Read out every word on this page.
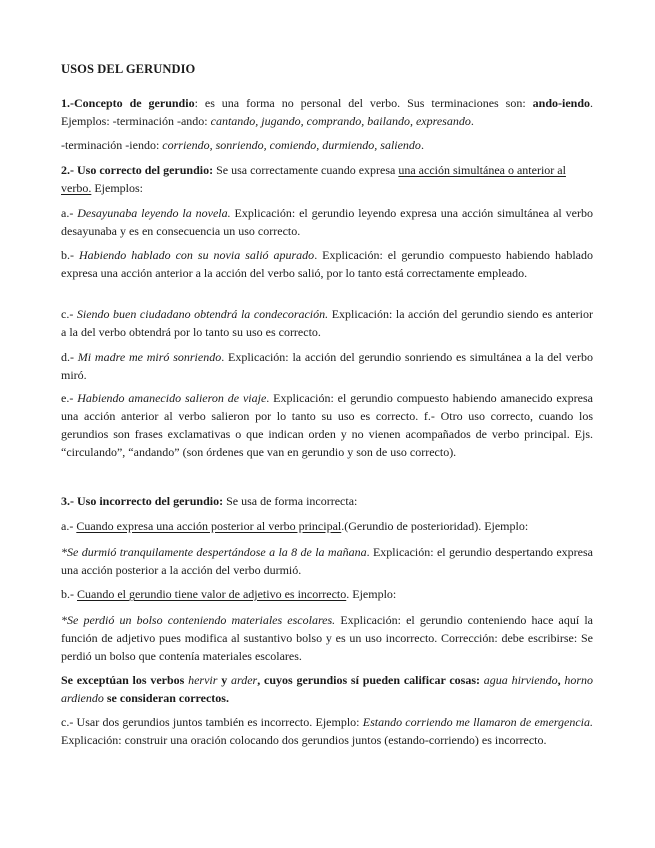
USOS DEL GERUNDIO

1.-Concepto de gerundio: es una forma no personal del verbo. Sus terminaciones son: ando-iendo. Ejemplos: -terminación -ando: cantando, jugando, comprando, bailando, expresando.

-terminación -iendo: corriendo, sonriendo, comiendo, durmiendo, saliendo.

2.- Uso correcto del gerundio: Se usa correctamente cuando expresa una acción simultánea o anterior al verbo. Ejemplos:

a.- Desayunaba leyendo la novela. Explicación: el gerundio leyendo expresa una acción simultánea al verbo desayunaba y es en consecuencia un uso correcto.

b.- Habiendo hablado con su novia salió apurado. Explicación: el gerundio compuesto habiendo hablado expresa una acción anterior a la acción del verbo salió, por lo tanto está correctamente empleado.

c.- Siendo buen ciudadano obtendrá la condecoración. Explicación: la acción del gerundio siendo es anterior a la del verbo obtendrá por lo tanto su uso es correcto.

d.- Mi madre me miró sonriendo. Explicación: la acción del gerundio sonriendo es simultánea a la del verbo miró.

e.- Habiendo amanecido salieron de viaje. Explicación: el gerundio compuesto habiendo amanecido expresa una acción anterior al verbo salieron por lo tanto su uso es correcto. f.- Otro uso correcto, cuando los gerundios son frases exclamativas o que indican orden y no vienen acompañados de verbo principal. Ejs. “circulando”, “andando” (son órdenes que van en gerundio y son de uso correcto).

3.- Uso incorrecto del gerundio: Se usa de forma incorrecta:

a.- Cuando expresa una acción posterior al verbo principal.(Gerundio de posterioridad). Ejemplo:

*Se durmió tranquilamente despertándose a la 8 de la mañana. Explicación: el gerundio despertando expresa una acción posterior a la acción del verbo durmió.

b.- Cuando el gerundio tiene valor de adjetivo es incorrecto. Ejemplo:

*Se perdió un bolso conteniendo materiales escolares. Explicación: el gerundio conteniendo hace aquí la función de adjetivo pues modifica al sustantivo bolso y es un uso incorrecto. Corrección: debe escribirse: Se perdió un bolso que contenía materiales escolares.

Se exceptúan los verbos hervir y arder, cuyos gerundios sí pueden calificar cosas: agua hirviendo, horno ardiendo se consideran correctos.

c.- Usar dos gerundios juntos también es incorrecto. Ejemplo: Estando corriendo me llamaron de emergencia. Explicación: construir una oración colocando dos gerundios juntos (estando-corriendo) es incorrecto.
